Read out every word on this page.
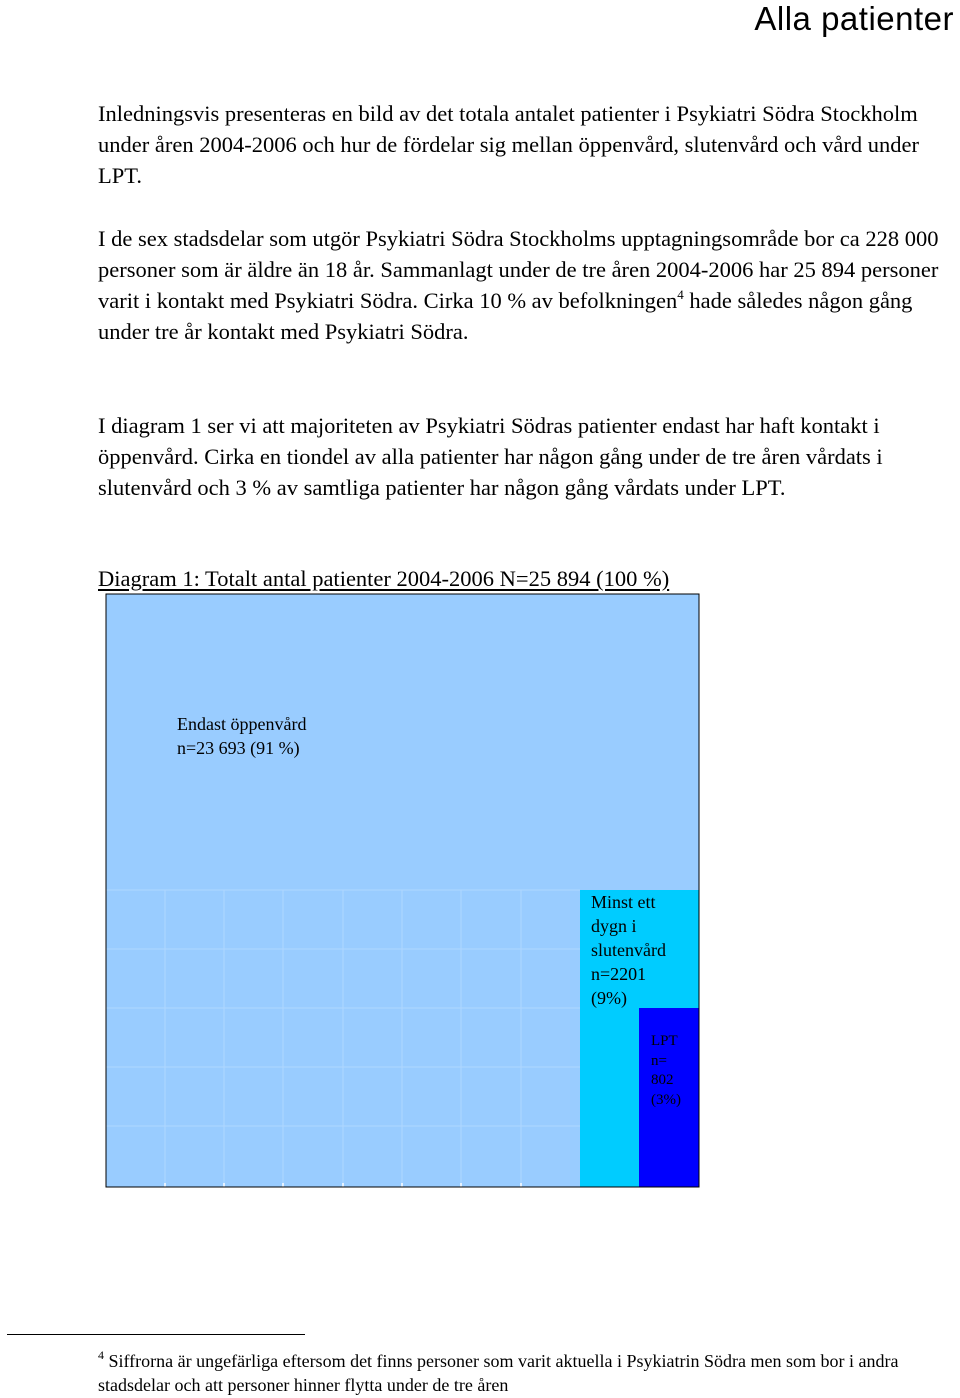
Alla patienter

Inledningsvis presenteras en bild av det totala antalet patienter i Psykiatri Södra Stockholm under åren 2004-2006 och hur de fördelar sig mellan öppenvård, slutenvård och vård under LPT.

I de sex stadsdelar som utgör Psykiatri Södra Stockholms upptagningsområde bor ca 228 000 personer som är äldre än 18 år. Sammanlagt under de tre åren 2004-2006 har 25 894 personer varit i kontakt med Psykiatri Södra. Cirka 10 % av befolkningen$^4$ hade således någon gång under tre år kontakt med Psykiatri Södra.

I diagram 1 ser vi att majoriteten av Psykiatri Södras patienter endast har haft kontakt i öppenvård. Cirka en tiondel av alla patienter har någon gång under de tre åren vårdats i slutenvård och 3 % av samtliga patienter har någon gång vårdats under LPT.

Diagram 1: Totalt antal patienter 2004-2006 N=25 894 (100 %)
Endast öppenvård
n=23 693 (91 %)
Minst ett
dygn i
slutenvård
n=2201
(9%)
LPT
n=
802
(3%)

$^4$ Siffrorna är ungefärliga eftersom det finns personer som varit aktuella i Psykiatrin Södra men som bor i andra stadsdelar och att personer hinner flytta under de tre åren
